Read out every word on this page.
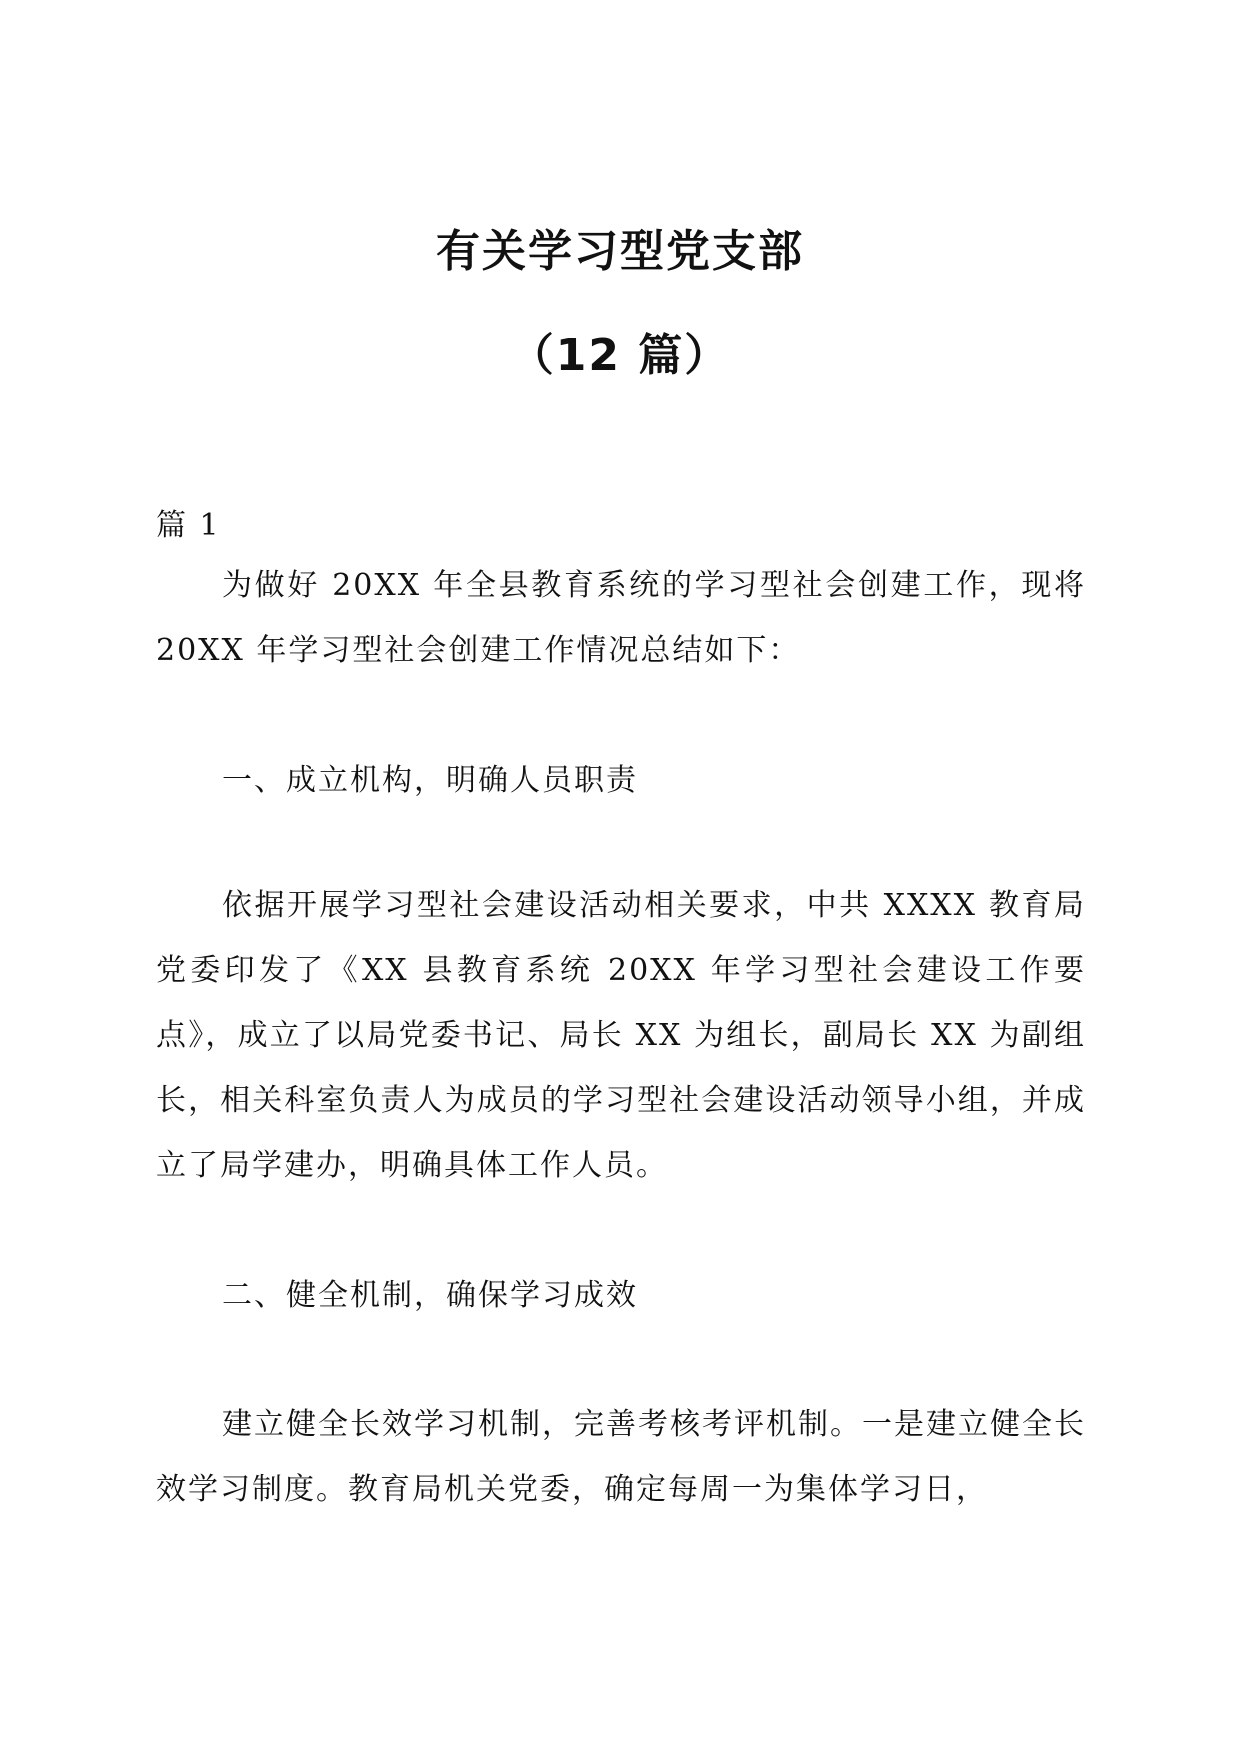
有关学习型党支部
（12 篇）

篇 1

为做好 20XX 年全县教育系统的学习型社会创建工作，现将 20XX 年学习型社会创建工作情况总结如下：

一、成立机构，明确人员职责

依据开展学习型社会建设活动相关要求，中共 XXXX 教育局党委印发了《XX 县教育系统 20XX 年学习型社会建设工作要点》，成立了以局党委书记、局长 XX 为组长，副局长 XX 为副组长，相关科室负责人为成员的学习型社会建设活动领导小组，并成立了局学建办，明确具体工作人员。

二、健全机制，确保学习成效

建立健全长效学习机制，完善考核考评机制。一是建立健全长效学习制度。教育局机关党委，确定每周一为集体学习日，
